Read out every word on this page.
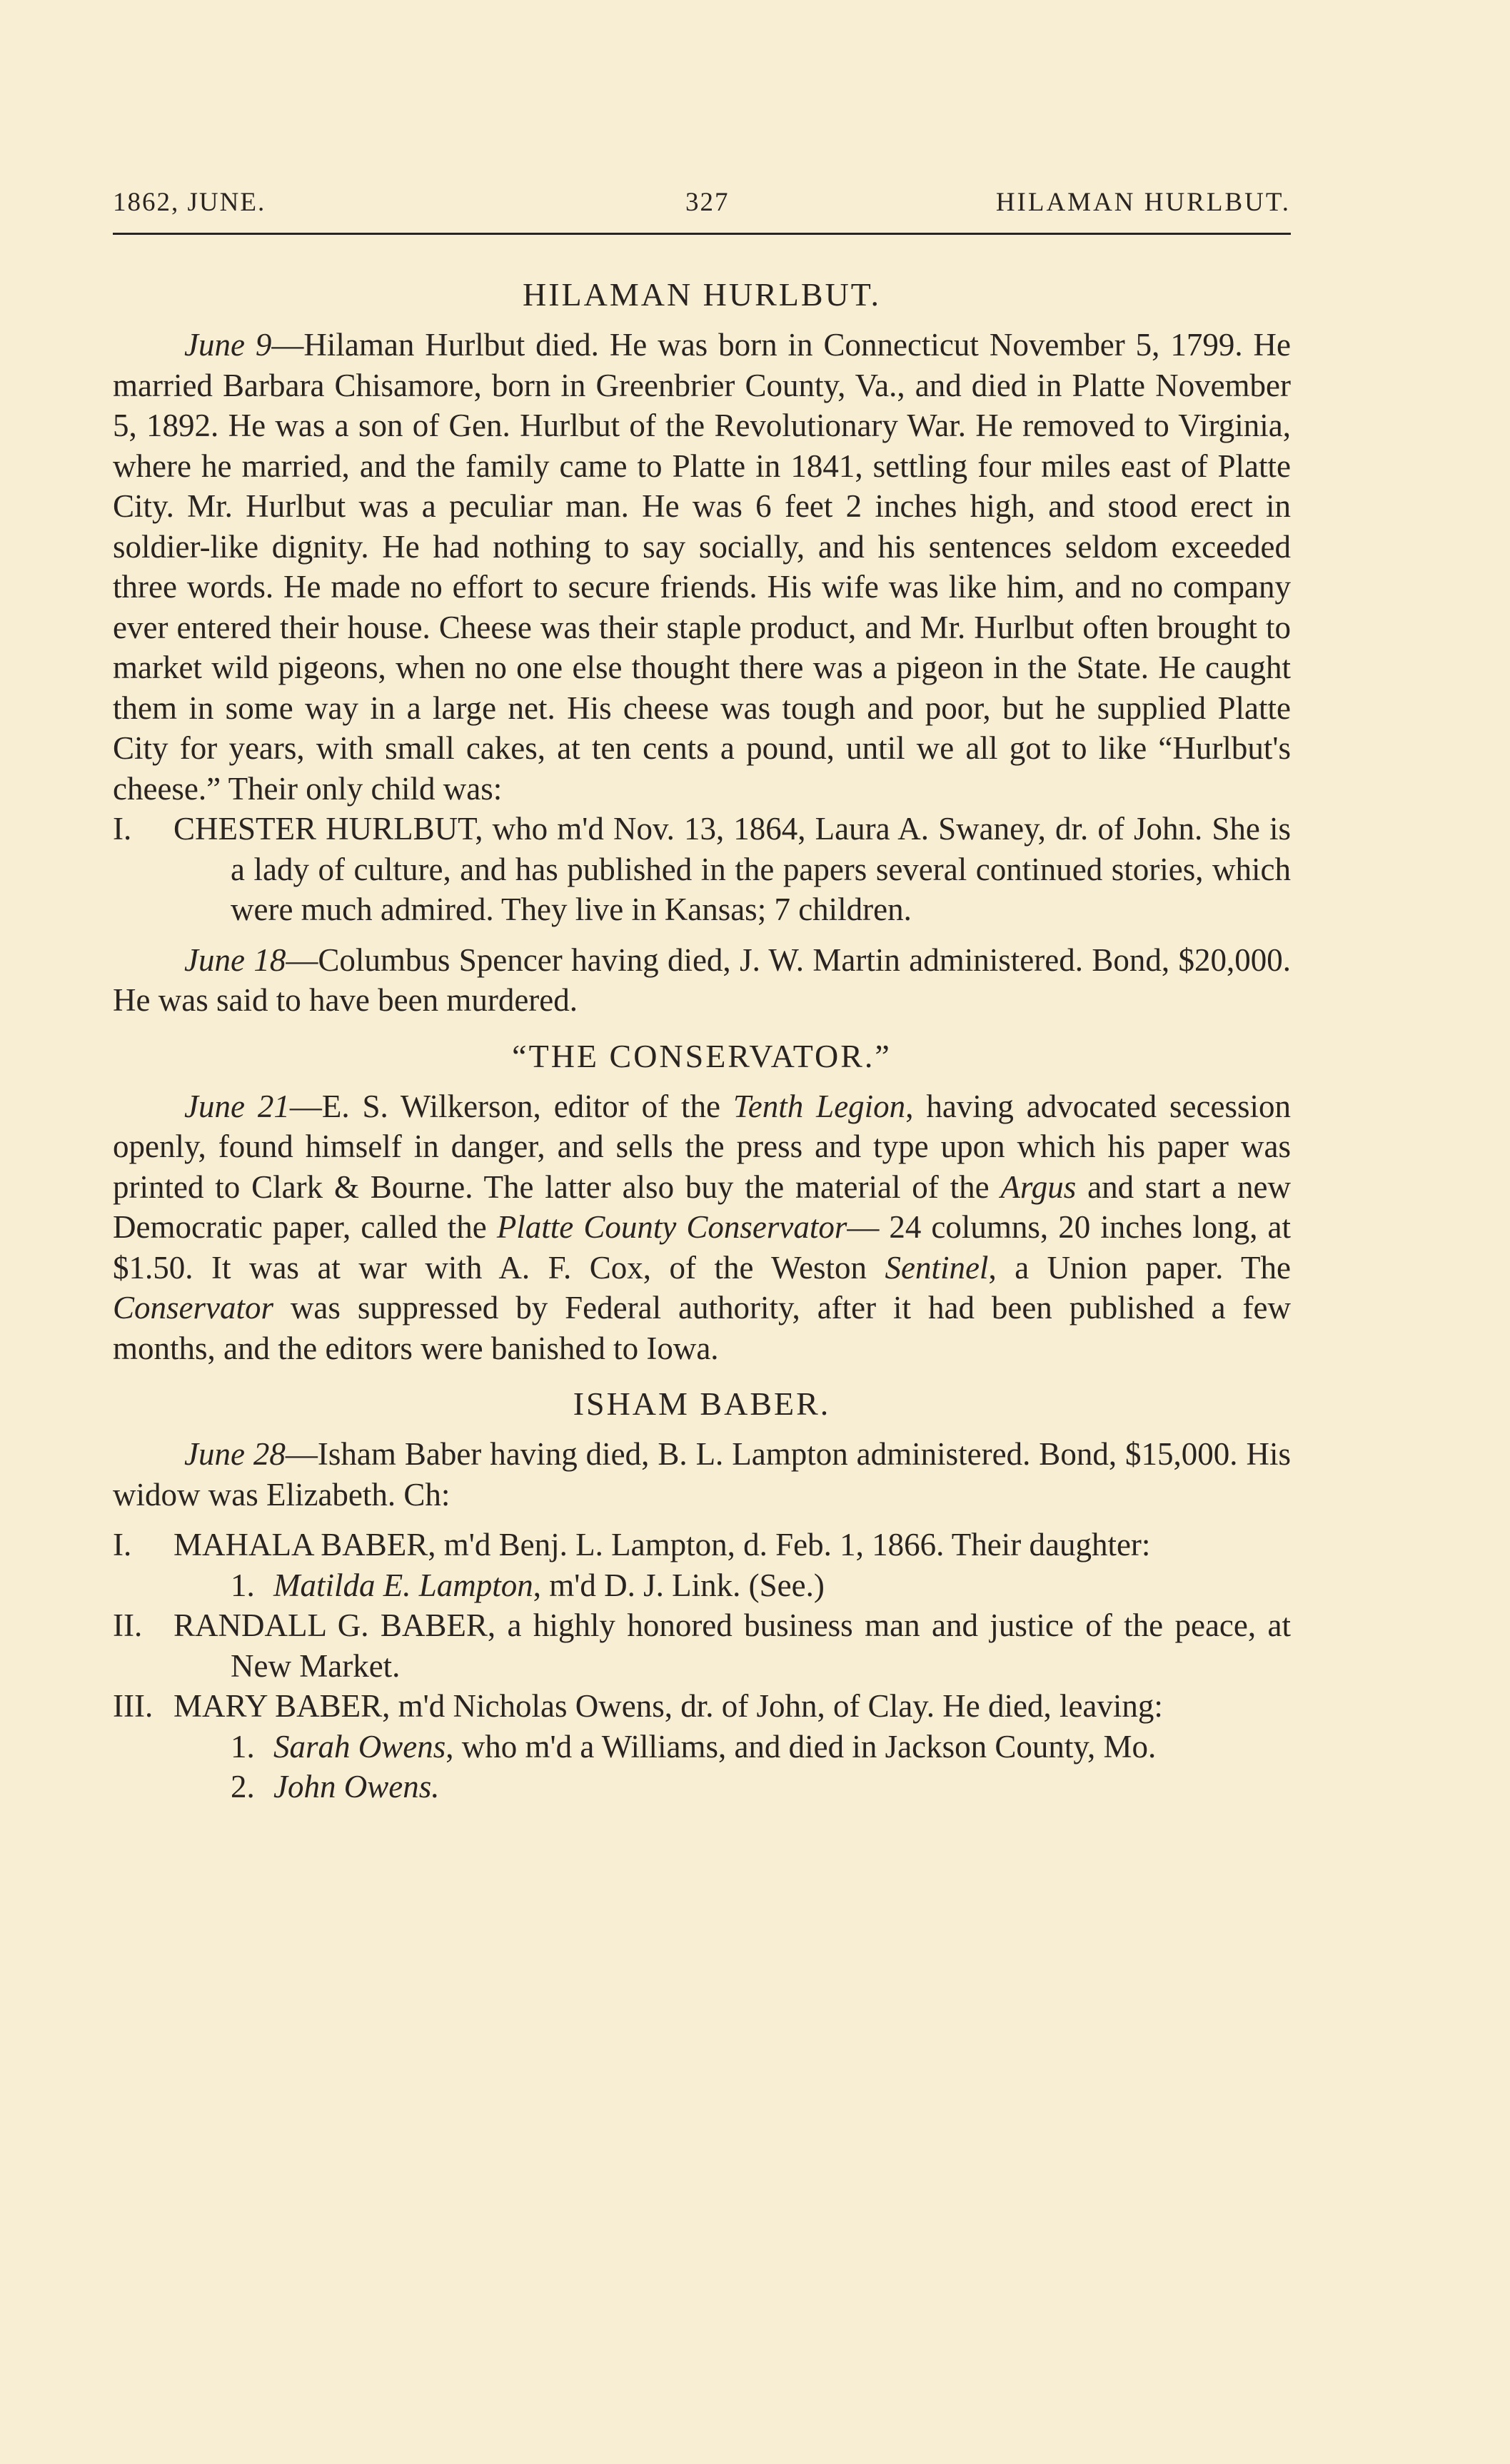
1862, JUNE.	327	HILAMAN HURLBUT.
HILAMAN HURLBUT.

June 9—Hilaman Hurlbut died. He was born in Connecticut November 5, 1799. He married Barbara Chisamore, born in Greenbrier County, Va., and died in Platte November 5, 1892. He was a son of Gen. Hurlbut of the Revolutionary War. He removed to Virginia, where he married, and the family came to Platte in 1841, settling four miles east of Platte City. Mr. Hurlbut was a peculiar man. He was 6 feet 2 inches high, and stood erect in soldier-like dignity. He had nothing to say socially, and his sentences seldom exceeded three words. He made no effort to secure friends. His wife was like him, and no company ever entered their house. Cheese was their staple product, and Mr. Hurlbut often brought to market wild pigeons, when no one else thought there was a pigeon in the State. He caught them in some way in a large net. His cheese was tough and poor, but he supplied Platte City for years, with small cakes, at ten cents a pound, until we all got to like “Hurlbut's cheese.” Their only child was:

I. CHESTER HURLBUT, who m'd Nov. 13, 1864, Laura A. Swaney, dr. of John. She is a lady of culture, and has published in the papers several continued stories, which were much admired. They live in Kansas; 7 children.

June 18—Columbus Spencer having died, J. W. Martin administered. Bond, $20,000. He was said to have been murdered.

“THE CONSERVATOR.”

June 21—E. S. Wilkerson, editor of the Tenth Legion, having advocated secession openly, found himself in danger, and sells the press and type upon which his paper was printed to Clark & Bourne. The latter also buy the material of the Argus and start a new Democratic paper, called the Platte County Conservator— 24 columns, 20 inches long, at $1.50. It was at war with A. F. Cox, of the Weston Sentinel, a Union paper. The Conservator was suppressed by Federal authority, after it had been published a few months, and the editors were banished to Iowa.

ISHAM BABER.

June 28—Isham Baber having died, B. L. Lampton administered. Bond, $15,000. His widow was Elizabeth. Ch:

I. MAHALA BABER, m'd Benj. L. Lampton, d. Feb. 1, 1866. Their daughter:

1. Matilda E. Lampton, m'd D. J. Link. (See.)

II. RANDALL G. BABER, a highly honored business man and justice of the peace, at New Market.

III. MARY BABER, m'd Nicholas Owens, dr. of John, of Clay. He died, leaving:

1. Sarah Owens, who m'd a Williams, and died in Jackson County, Mo.

2. John Owens.
